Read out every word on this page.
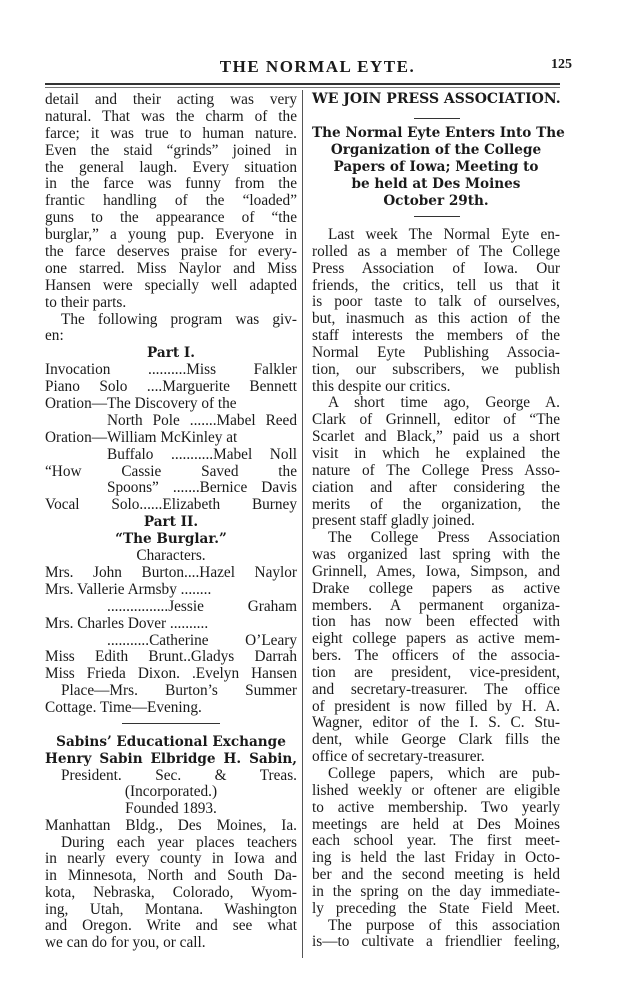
THE NORMAL EYTE.	125
detail and their acting was very
natural. That was the charm of the
farce; it was true to human nature.
Even the staid “grinds” joined in
the general laugh. Every situation
in the farce was funny from the
frantic handling of the “loaded”
guns to the appearance of “the
burglar,” a young pup. Everyone in
the farce deserves praise for every-
one starred. Miss Naylor and Miss
Hansen were specially well adapted
to their parts.
The following program was giv-
en:
Part I.
Invocation ..........Miss Falkler
Piano Solo ....Marguerite Bennett
Oration—The Discovery of the
North Pole .......Mabel Reed
Oration—William McKinley at
Buffalo ...........Mabel Noll
“How Cassie Saved the
Spoons” .......Bernice Davis
Vocal Solo......Elizabeth Burney
Part II.
“The Burglar.”
Characters.
Mrs. John Burton....Hazel Naylor
Mrs. Vallerie Armsby ........
................Jessie Graham
Mrs. Charles Dover ..........
...........Catherine O’Leary
Miss Edith Brunt..Gladys Darrah
Miss Frieda Dixon. .Evelyn Hansen
Place—Mrs. Burton’s Summer
Cottage. Time—Evening.
Sabins’ Educational Exchange
Henry Sabin Elbridge H. Sabin,
President. Sec. & Treas.
(Incorporated.)
Founded 1893.
Manhattan Bldg., Des Moines, Ia.
During each year places teachers
in nearly every county in Iowa and
in Minnesota, North and South Da-
kota, Nebraska, Colorado, Wyom-
ing, Utah, Montana. Washington
and Oregon. Write and see what
we can do for you, or call.
WE JOIN PRESS ASSOCIATION.
The Normal Eyte Enters Into The
Organization of the College
Papers of Iowa; Meeting to
be held at Des Moines
October 29th.
Last week The Normal Eyte en-
rolled as a member of The College
Press Association of Iowa. Our
friends, the critics, tell us that it
is poor taste to talk of ourselves,
but, inasmuch as this action of the
staff interests the members of the
Normal Eyte Publishing Associa-
tion, our subscribers, we publish
this despite our critics.
A short time ago, George A.
Clark of Grinnell, editor of “The
Scarlet and Black,” paid us a short
visit in which he explained the
nature of The College Press Asso-
ciation and after considering the
merits of the organization, the
present staff gladly joined.
The College Press Association
was organized last spring with the
Grinnell, Ames, Iowa, Simpson, and
Drake college papers as active
members. A permanent organiza-
tion has now been effected with
eight college papers as active mem-
bers. The officers of the associa-
tion are president, vice-president,
and secretary-treasurer. The office
of president is now filled by H. A.
Wagner, editor of the I. S. C. Stu-
dent, while George Clark fills the
office of secretary-treasurer.
College papers, which are pub-
lished weekly or oftener are eligible
to active membership. Two yearly
meetings are held at Des Moines
each school year. The first meet-
ing is held the last Friday in Octo-
ber and the second meeting is held
in the spring on the day immediate-
ly preceding the State Field Meet.
The purpose of this association
is—to cultivate a friendlier feeling,
